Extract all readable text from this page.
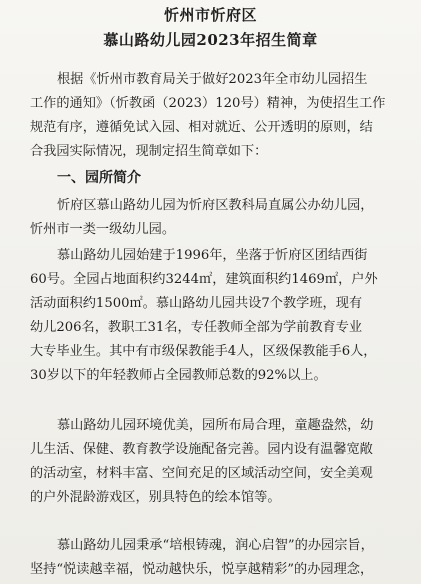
忻州市忻府区
慕山路幼儿园2023年招生简章

根据《忻州市教育局关于做好2023年全市幼儿园招生
工作的通知》（忻教函（2023）120号）精神，为使招生工作
规范有序，遵循免试入园、相对就近、公开透明的原则，结
合我园实际情况，现制定招生简章如下：

一、园所简介

忻府区慕山路幼儿园为忻府区教科局直属公办幼儿园，
忻州市一类一级幼儿园。

慕山路幼儿园始建于1996年，坐落于忻府区团结西街
60号。全园占地面积约3244㎡，建筑面积约1469㎡，户外
活动面积约1500㎡。慕山路幼儿园共设7个教学班，现有
幼儿206名，教职工31名，专任教师全部为学前教育专业
大专毕业生。其中有市级保教能手4人，区级保教能手6人，
30岁以下的年轻教师占全园教师总数的92%以上。

慕山路幼儿园环境优美，园所布局合理，童趣盎然，幼
儿生活、保健、教育教学设施配备完善。园内设有温馨宽敞
的活动室，材料丰富、空间充足的区域活动空间，安全美观
的户外混龄游戏区，别具特色的绘本馆等。

慕山路幼儿园秉承“培根铸魂，润心启智”的办园宗旨，
坚持“悦读越幸福，悦动越快乐，悦享越精彩”的办园理念，
